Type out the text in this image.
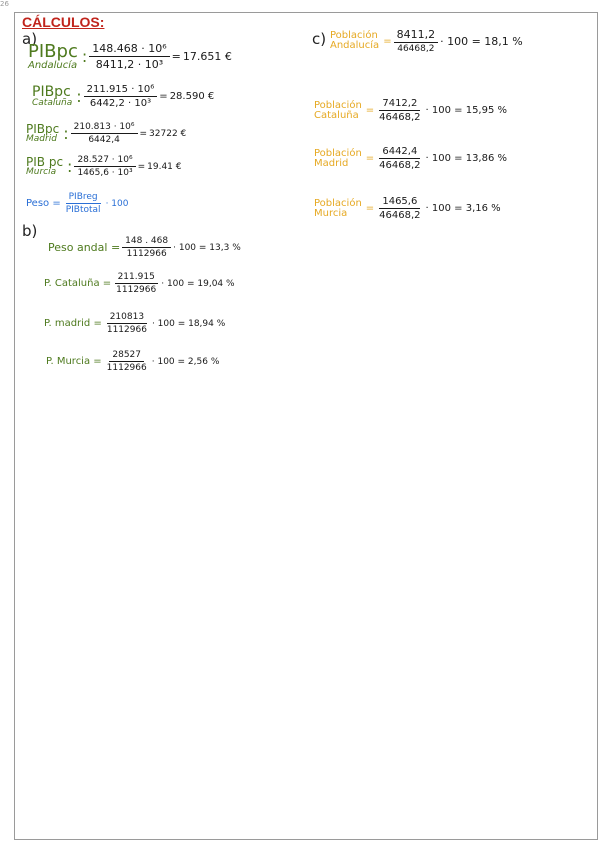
26
CÁLCULOS:
a)
PIBpc
Andalucía : $\frac{\text{148.468 · 10⁶}}{\text{8411,2 · 10³}} = 17.651$ €
PIBpc
Cataluña : $\frac{\text{211.915 · 10⁶}}{\text{6442,2 · 10³}} = 28.590$ €
PIBpc
Madrid : $\frac{\text{210.813 · 10⁶}}{6442,4} = 32722$ €
PIB pc
Murcia : $\frac{\text{28.527 · 10⁶}}{\text{1465,6 · 10³}} = 19.41$ €
Peso = $\frac{\text{PIBreg}}{\text{PIBtotal}} \cdot 100$
b)
Peso andal = $\frac{148 . 468}{1112966} \cdot 100 = 13,3$ %
P. Cataluña = $\frac{211.915}{1112966} \cdot 100 = 19,04$ %
P. madrid = $\frac{210813}{1112966} \cdot 100 = 18,94$ %
P. Murcia = $\frac{28527}{1112966} \cdot 100 = 2,56$ %
c) Población
Andalucía = $\frac{8411,2}{46468,2} \cdot 100 = 18,1$ %
Población
Cataluña = $\frac{7412,2}{46468,2} \cdot 100 = 15,95$ %
Población
Madrid	= $\frac{6442,4}{46468,2} \cdot 100 = 13,86$ %
Población
Murcia	= $\frac{1465,6}{46468,2} \cdot 100 = 3,16$ %
